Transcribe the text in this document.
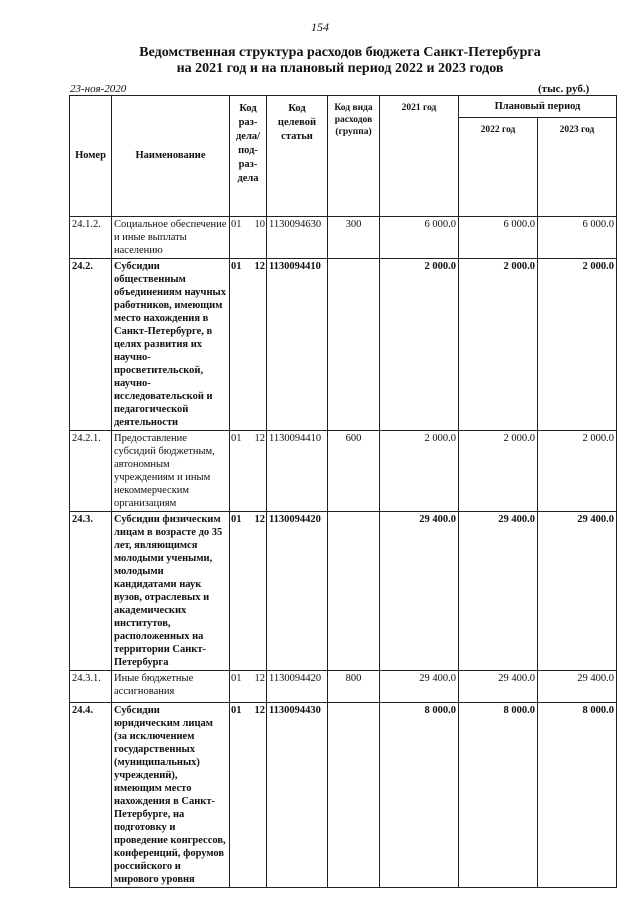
154
Ведомственная структура расходов бюджета Санкт-Петербурга
на 2021 год и на плановый период 2022 и 2023 годов
23-ноя-2020	(тыс. руб.)
Номер	Наименование	Код раз-дела/ под-раз-дела	Код целевой статьи	Код вида расходов (группа)	2021 год	Плановый период	
						2022 год	2023 год
24.1.2.	Социальное обеспечение и иные выплаты населению	01 10	1130094630	300	6 000.0	6 000.0	6 000.0
24.2.	Субсидии общественным объединениям научных работников, имеющим место нахождения в Санкт-Петербурге, в целях развития их научно-просветительской, научно-исследовательской и педагогической деятельности	01 12	1130094410		2 000.0	2 000.0	2 000.0
24.2.1.	Предоставление субсидий бюджетным, автономным учреждениям и иным некоммерческим организациям	01 12	1130094410	600	2 000.0	2 000.0	2 000.0
24.3.	Субсидии физическим лицам в возрасте до 35 лет, являющимся молодыми учеными, молодыми кандидатами наук вузов, отраслевых и академических институтов, расположенных на территории Санкт-Петербурга	01 12	1130094420		29 400.0	29 400.0	29 400.0
24.3.1.	Иные бюджетные ассигнования	01 12	1130094420	800	29 400.0	29 400.0	29 400.0
24.4.	Субсидии юридическим лицам (за исключением государственных (муниципальных) учреждений), имеющим место нахождения в Санкт-Петербурге, на подготовку и проведение конгрессов, конференций, форумов российского и мирового уровня	01 12	1130094430		8 000.0	8 000.0	8 000.0
